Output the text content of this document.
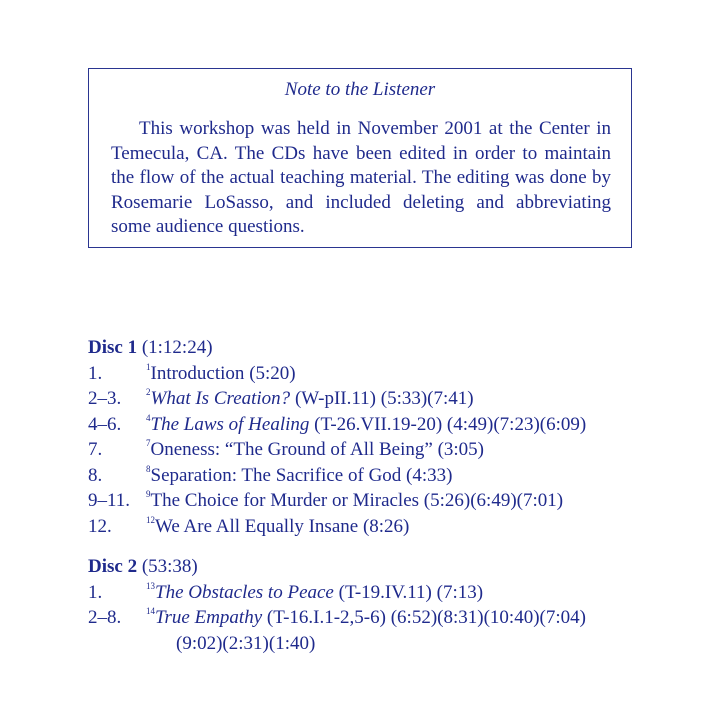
Note to the Listener
This workshop was held in November 2001 at the Center in Temecula, CA. The CDs have been edited in order to maintain the flow of the actual teaching material. The editing was done by Rosemarie LoSasso, and included deleting and abbreviating some audience questions.
Disc 1 (1:12:24)
1.	$^1$Introduction (5:20)
2–3.	$^2$What Is Creation? (W-pII.11) (5:33)(7:41)
4–6.	$^4$The Laws of Healing (T-26.VII.19-20) (4:49)(7:23)(6:09)
7.	$^7$Oneness: “The Ground of All Being” (3:05)
8.	$^8$Separation: The Sacrifice of God (4:33)
9–11. $^9$The Choice for Murder or Miracles (5:26)(6:49)(7:01)
12.	$^{12}$We Are All Equally Insane (8:26)
Disc 2 (53:38)
1.	$^{13}$The Obstacles to Peace (T-19.IV.11) (7:13)
2–8.	$^{14}$True Empathy (T-16.I.1-2,5-6) (6:52)(8:31)(10:40)(7:04)
(9:02)(2:31)(1:40)
